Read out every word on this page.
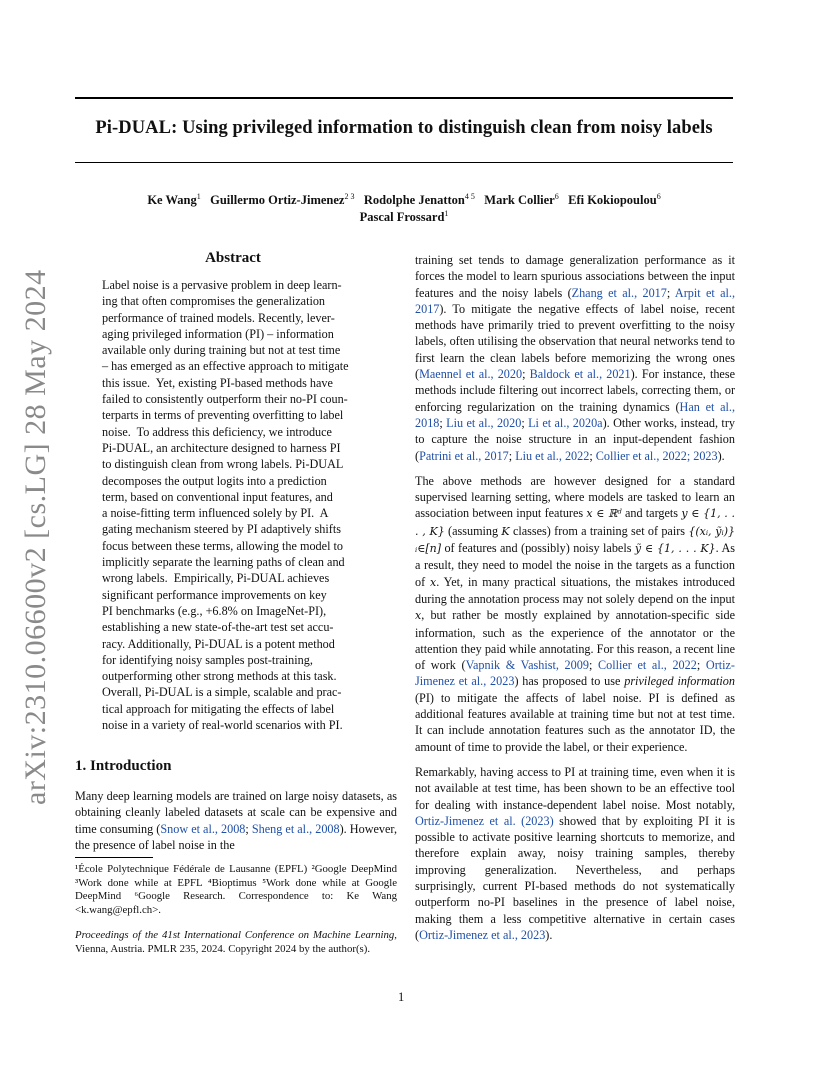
Pi-DUAL: Using privileged information to distinguish clean from noisy labels
Ke Wang$^1$ Guillermo Ortiz-Jimenez$^{2 3}$ Rodolphe Jenatton$^{4 5}$ Mark Collier$^6$ Efi Kokiopoulou$^6$
Pascal Frossard$^1$
arXiv:2310.06600v2 [cs.LG] 28 May 2024
Abstract
Label noise is a pervasive problem in deep learn-
ing that often compromises the generalization
performance of trained models. Recently, lever-
aging privileged information (PI) – information
available only during training but not at test time
– has emerged as an effective approach to mitigate
this issue.  Yet, existing PI-based methods have
failed to consistently outperform their no-PI coun-
terparts in terms of preventing overfitting to label
noise.  To address this deficiency, we introduce
Pi-DUAL, an architecture designed to harness PI
to distinguish clean from wrong labels. Pi-DUAL
decomposes the output logits into a prediction
term, based on conventional input features, and
a noise-fitting term influenced solely by PI.  A
gating mechanism steered by PI adaptively shifts
focus between these terms, allowing the model to
implicitly separate the learning paths of clean and
wrong labels.  Empirically, Pi-DUAL achieves
significant performance improvements on key
PI benchmarks (e.g., +6.8% on ImageNet-PI),
establishing a new state-of-the-art test set accu-
racy. Additionally, Pi-DUAL is a potent method
for identifying noisy samples post-training,
outperforming other strong methods at this task.
Overall, Pi-DUAL is a simple, scalable and prac-
tical approach for mitigating the effects of label
noise in a variety of real-world scenarios with PI.
1. Introduction
Many deep learning models are trained on large noisy datasets, as obtaining cleanly labeled datasets at scale can be expensive and time consuming (Snow et al., 2008; Sheng et al., 2008). However, the presence of label noise in the
¹École Polytechnique Fédérale de Lausanne (EPFL) ²Google DeepMind ³Work done while at EPFL ⁴Bioptimus ⁵Work done while at Google DeepMind ⁶Google Research. Correspondence to: Ke Wang <k.wang@epfl.ch>.
Proceedings of the 41st International Conference on Machine Learning, Vienna, Austria. PMLR 235, 2024. Copyright 2024 by the author(s).

training set tends to damage generalization performance as it forces the model to learn spurious associations between the input features and the noisy labels (Zhang et al., 2017; Arpit et al., 2017). To mitigate the negative effects of label noise, recent methods have primarily tried to prevent overfitting to the noisy labels, often utilising the observation that neural networks tend to first learn the clean labels before memorizing the wrong ones (Maennel et al., 2020; Baldock et al., 2021). For instance, these methods include filtering out incorrect labels, correcting them, or enforcing regularization on the training dynamics (Han et al., 2018; Liu et al., 2020; Li et al., 2020a). Other works, instead, try to capture the noise structure in an input-dependent fashion (Patrini et al., 2017; Liu et al., 2022; Collier et al., 2022; 2023).

The above methods are however designed for a standard supervised learning setting, where models are tasked to learn an association between input features x ∈ ℝᵈ and targets y ∈ {1, . . . , K} (assuming K classes) from a training set of pairs {(xᵢ, ỹᵢ)}ᵢ∈[n] of features and (possibly) noisy labels ỹ ∈ {1, . . . K}. As a result, they need to model the noise in the targets as a function of x. Yet, in many practical situations, the mistakes introduced during the annotation process may not solely depend on the input x, but rather be mostly explained by annotation-specific side information, such as the experience of the annotator or the attention they paid while annotating. For this reason, a recent line of work (Vapnik & Vashist, 2009; Collier et al., 2022; Ortiz-Jimenez et al., 2023) has proposed to use privileged information (PI) to mitigate the affects of label noise. PI is defined as additional features available at training time but not at test time. It can include annotation features such as the annotator ID, the amount of time to provide the label, or their experience.

Remarkably, having access to PI at training time, even when it is not available at test time, has been shown to be an effective tool for dealing with instance-dependent label noise. Most notably, Ortiz-Jimenez et al. (2023) showed that by exploiting PI it is possible to activate positive learning shortcuts to memorize, and therefore explain away, noisy training samples, thereby improving generalization. Nevertheless, and perhaps surprisingly, current PI-based methods do not systematically outperform no-PI baselines in the presence of label noise, making them a less competitive alternative in certain cases (Ortiz-Jimenez et al., 2023).

1
